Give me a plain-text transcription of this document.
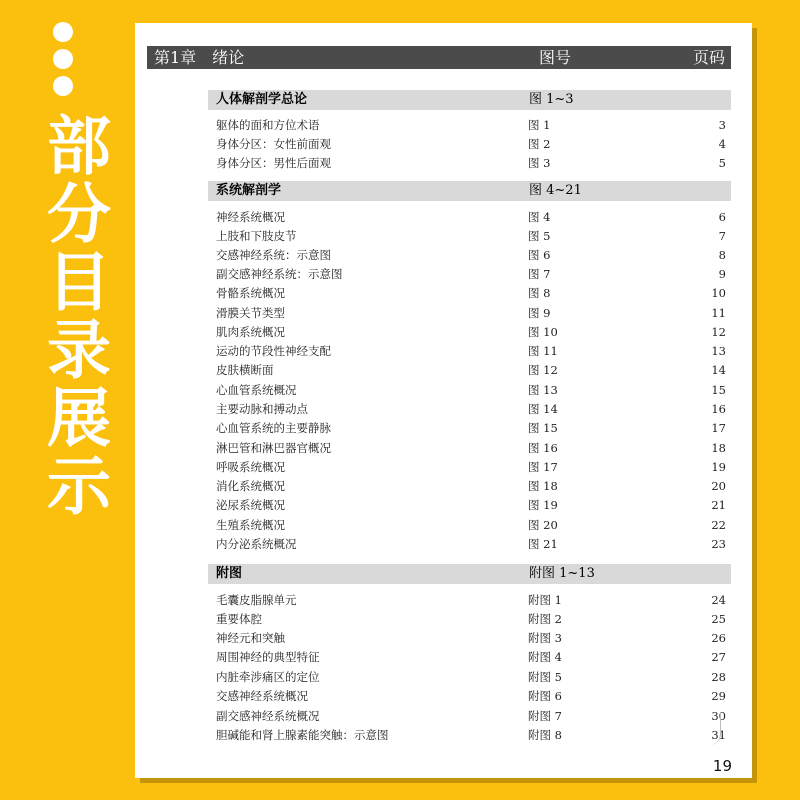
部分目录展示
第1章　绪论	图号	页码
人体解剖学总论	图 1~3
躯体的面和方位术语	图 1	3
身体分区：女性前面观	图 2	4
身体分区：男性后面观	图 3	5
系统解剖学	图 4~21
神经系统概况	图 4	6
上肢和下肢皮节	图 5	7
交感神经系统：示意图	图 6	8
副交感神经系统：示意图	图 7	9
骨骼系统概况	图 8	10
滑膜关节类型	图 9	11
肌肉系统概况	图 10	12
运动的节段性神经支配	图 11	13
皮肤横断面	图 12	14
心血管系统概况	图 13	15
主要动脉和搏动点	图 14	16
心血管系统的主要静脉	图 15	17
淋巴管和淋巴器官概况	图 16	18
呼吸系统概况	图 17	19
消化系统概况	图 18	20
泌尿系统概况	图 19	21
生殖系统概况	图 20	22
内分泌系统概况	图 21	23
附图	附图 1~13
毛囊皮脂腺单元	附图 1	24
重要体腔	附图 2	25
神经元和突触	附图 3	26
周围神经的典型特征	附图 4	27
内脏牵涉痛区的定位	附图 5	28
交感神经系统概况	附图 6	29
副交感神经系统概况	附图 7	30
胆碱能和肾上腺素能突触：示意图	附图 8	31
19
